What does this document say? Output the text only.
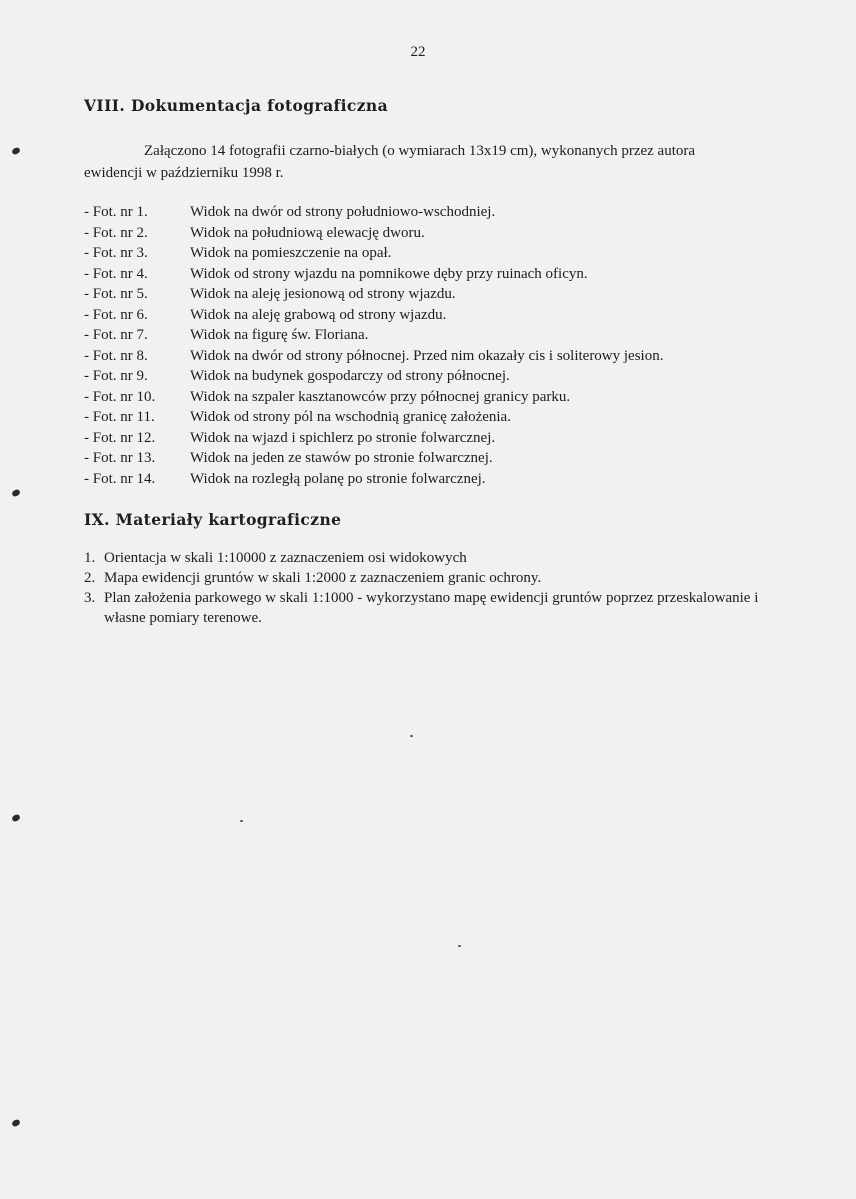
22
VIII. Dokumentacja fotograficzna

Załączono 14 fotografii czarno-białych (o wymiarach 13x19 cm), wykonanych przez autora ewidencji w październiku 1998 r.

- Fot. nr 1.	Widok na dwór od strony południowo-wschodniej.
- Fot. nr 2.	Widok na południową elewację dworu.
- Fot. nr 3.	Widok na pomieszczenie na opał.
- Fot. nr 4.	Widok od strony wjazdu na pomnikowe dęby przy ruinach oficyn.
- Fot. nr 5.	Widok na aleję jesionową od strony wjazdu.
- Fot. nr 6.	Widok na aleję grabową od strony wjazdu.
- Fot. nr 7.	Widok na figurę św. Floriana.
- Fot. nr 8.	Widok na dwór od strony północnej. Przed nim okazały cis i soliterowy jesion.
- Fot. nr 9.	Widok na budynek gospodarczy od strony północnej.
- Fot. nr 10. Widok na szpaler kasztanowców przy północnej granicy parku.
- Fot. nr 11. Widok od strony pól na wschodnią granicę założenia.
- Fot. nr 12. Widok na wjazd i spichlerz po stronie folwarcznej.
- Fot. nr 13. Widok na jeden ze stawów po stronie folwarcznej.
- Fot. nr 14. Widok na rozległą polanę po stronie folwarcznej.
IX. Materiały kartograficzne
1. Orientacja w skali 1:10000 z zaznaczeniem osi widokowych
2. Mapa ewidencji gruntów w skali 1:2000 z zaznaczeniem granic ochrony.
3. Plan założenia parkowego w skali 1:1000 - wykorzystano mapę ewidencji gruntów poprzez przeskalowanie i własne pomiary terenowe.
